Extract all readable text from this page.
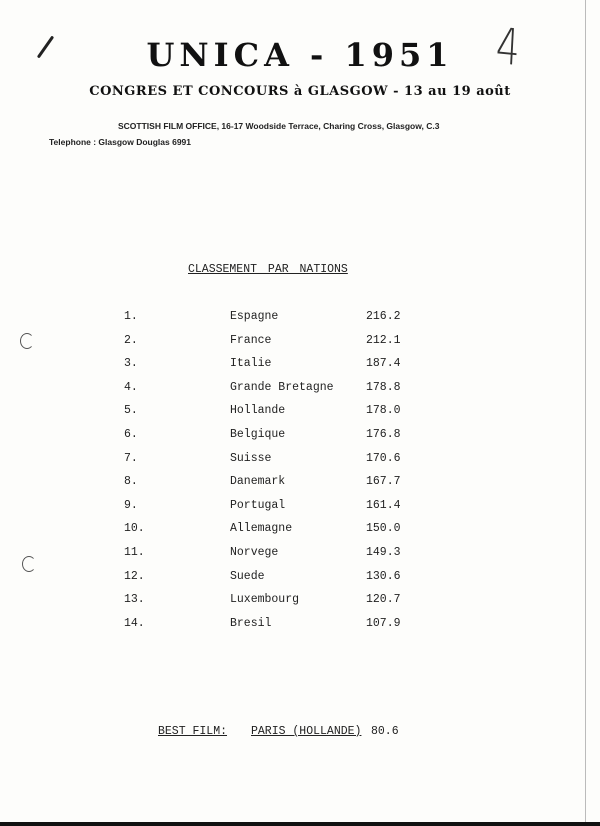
UNICA - 1951 4
CONGRES ET CONCOURS à GLASGOW - 13 au 19 août
SCOTTISH FILM OFFICE, 16-17 Woodside Terrace, Charing Cross, Glasgow, C.3
Telephone : Glasgow Douglas 6991
CLASSEMENT PAR NATIONS
1.	Espagne	216.2
2.	France	212.1
3.	Italie	187.4
4.	Grande Bretagne	178.8
5.	Hollande	178.0
6.	Belgique	176.8
7.	Suisse	170.6
8.	Danemark	167.7
9.	Portugal	161.4
10.	Allemagne	150.0
11.	Norvege	149.3
12.	Suede	130.6
13.	Luxembourg	120.7
14.	Bresil	107.9
BEST FILM: PARIS (HOLLANDE) 80.6
